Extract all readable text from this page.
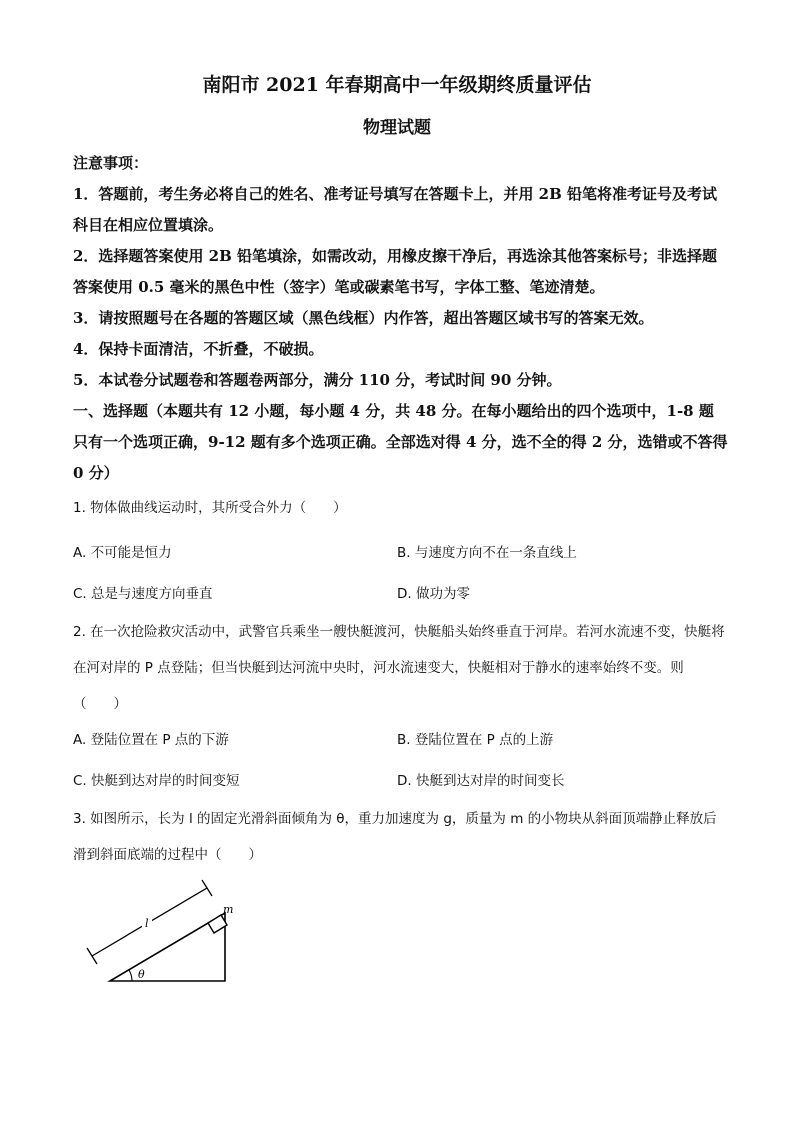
南阳市 2021 年春期高中一年级期终质量评估
物理试题
注意事项：
1．答题前，考生务必将自己的姓名、准考证号填写在答题卡上，并用 2B 铅笔将准考证号及考试科目在相应位置填涂。
2．选择题答案使用 2B 铅笔填涂，如需改动，用橡皮擦干净后，再选涂其他答案标号；非选择题答案使用 0.5 毫米的黑色中性（签字）笔或碳素笔书写，字体工整、笔迹清楚。
3．请按照题号在各题的答题区域（黑色线框）内作答，超出答题区域书写的答案无效。
4．保持卡面清洁，不折叠，不破损。
5．本试卷分试题卷和答题卷两部分，满分 110 分，考试时间 90 分钟。
一、选择题（本题共有 12 小题，每小题 4 分，共 48 分。在每小题给出的四个选项中，1-8 题只有一个选项正确，9-12 题有多个选项正确。全部选对得 4 分，选不全的得 2 分，选错或不答得 0 分）
1. 物体做曲线运动时，其所受合外力（　　）
A. 不可能是恒力	B. 与速度方向不在一条直线上
C. 总是与速度方向垂直	D. 做功为零
2. 在一次抢险救灾活动中，武警官兵乘坐一艘快艇渡河，快艇船头始终垂直于河岸。若河水流速不变，快艇将在河对岸的 P 点登陆；但当快艇到达河流中央时，河水流速变大，快艇相对于静水的速率始终不变。则（　　）
A. 登陆位置在 P 点的下游	B. 登陆位置在 P 点的上游
C. 快艇到达对岸的时间变短	D. 快艇到达对岸的时间变长
3. 如图所示，长为 l 的固定光滑斜面倾角为 θ，重力加速度为 g，质量为 m 的小物块从斜面顶端静止释放后滑到斜面底端的过程中（　　）
θ
m
l
